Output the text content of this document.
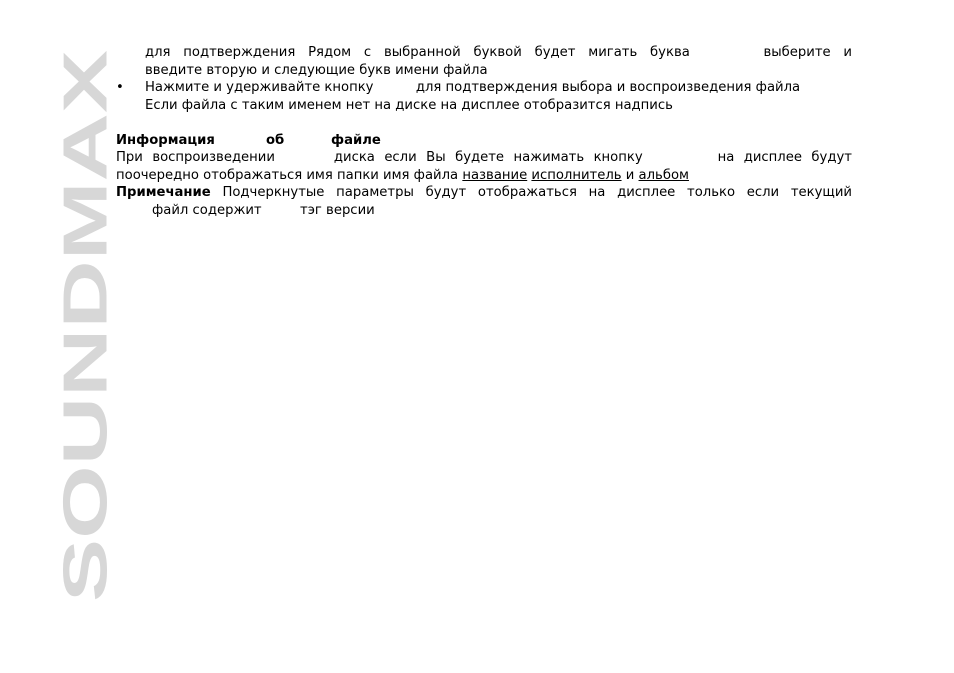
SOUNDMAX
для подтверждения Рядом с выбранной буквой будет мигать буква	выберите и
введите вторую и следующие букв имени файла
• Нажмите и удерживайте кнопку	для подтверждения выбора и воспроизведения файла
Если файла с таким именем нет на диске на дисплее отобразится надпись
Информация	об	файле
При воспроизведении	диска если Вы будете нажимать кнопку	на дисплее будут
поочередно отображаться имя папки имя файла название исполнитель и альбом
Примечание Подчеркнутые параметры будут отображаться на дисплее только если текущий
файл содержит	тэг версии
